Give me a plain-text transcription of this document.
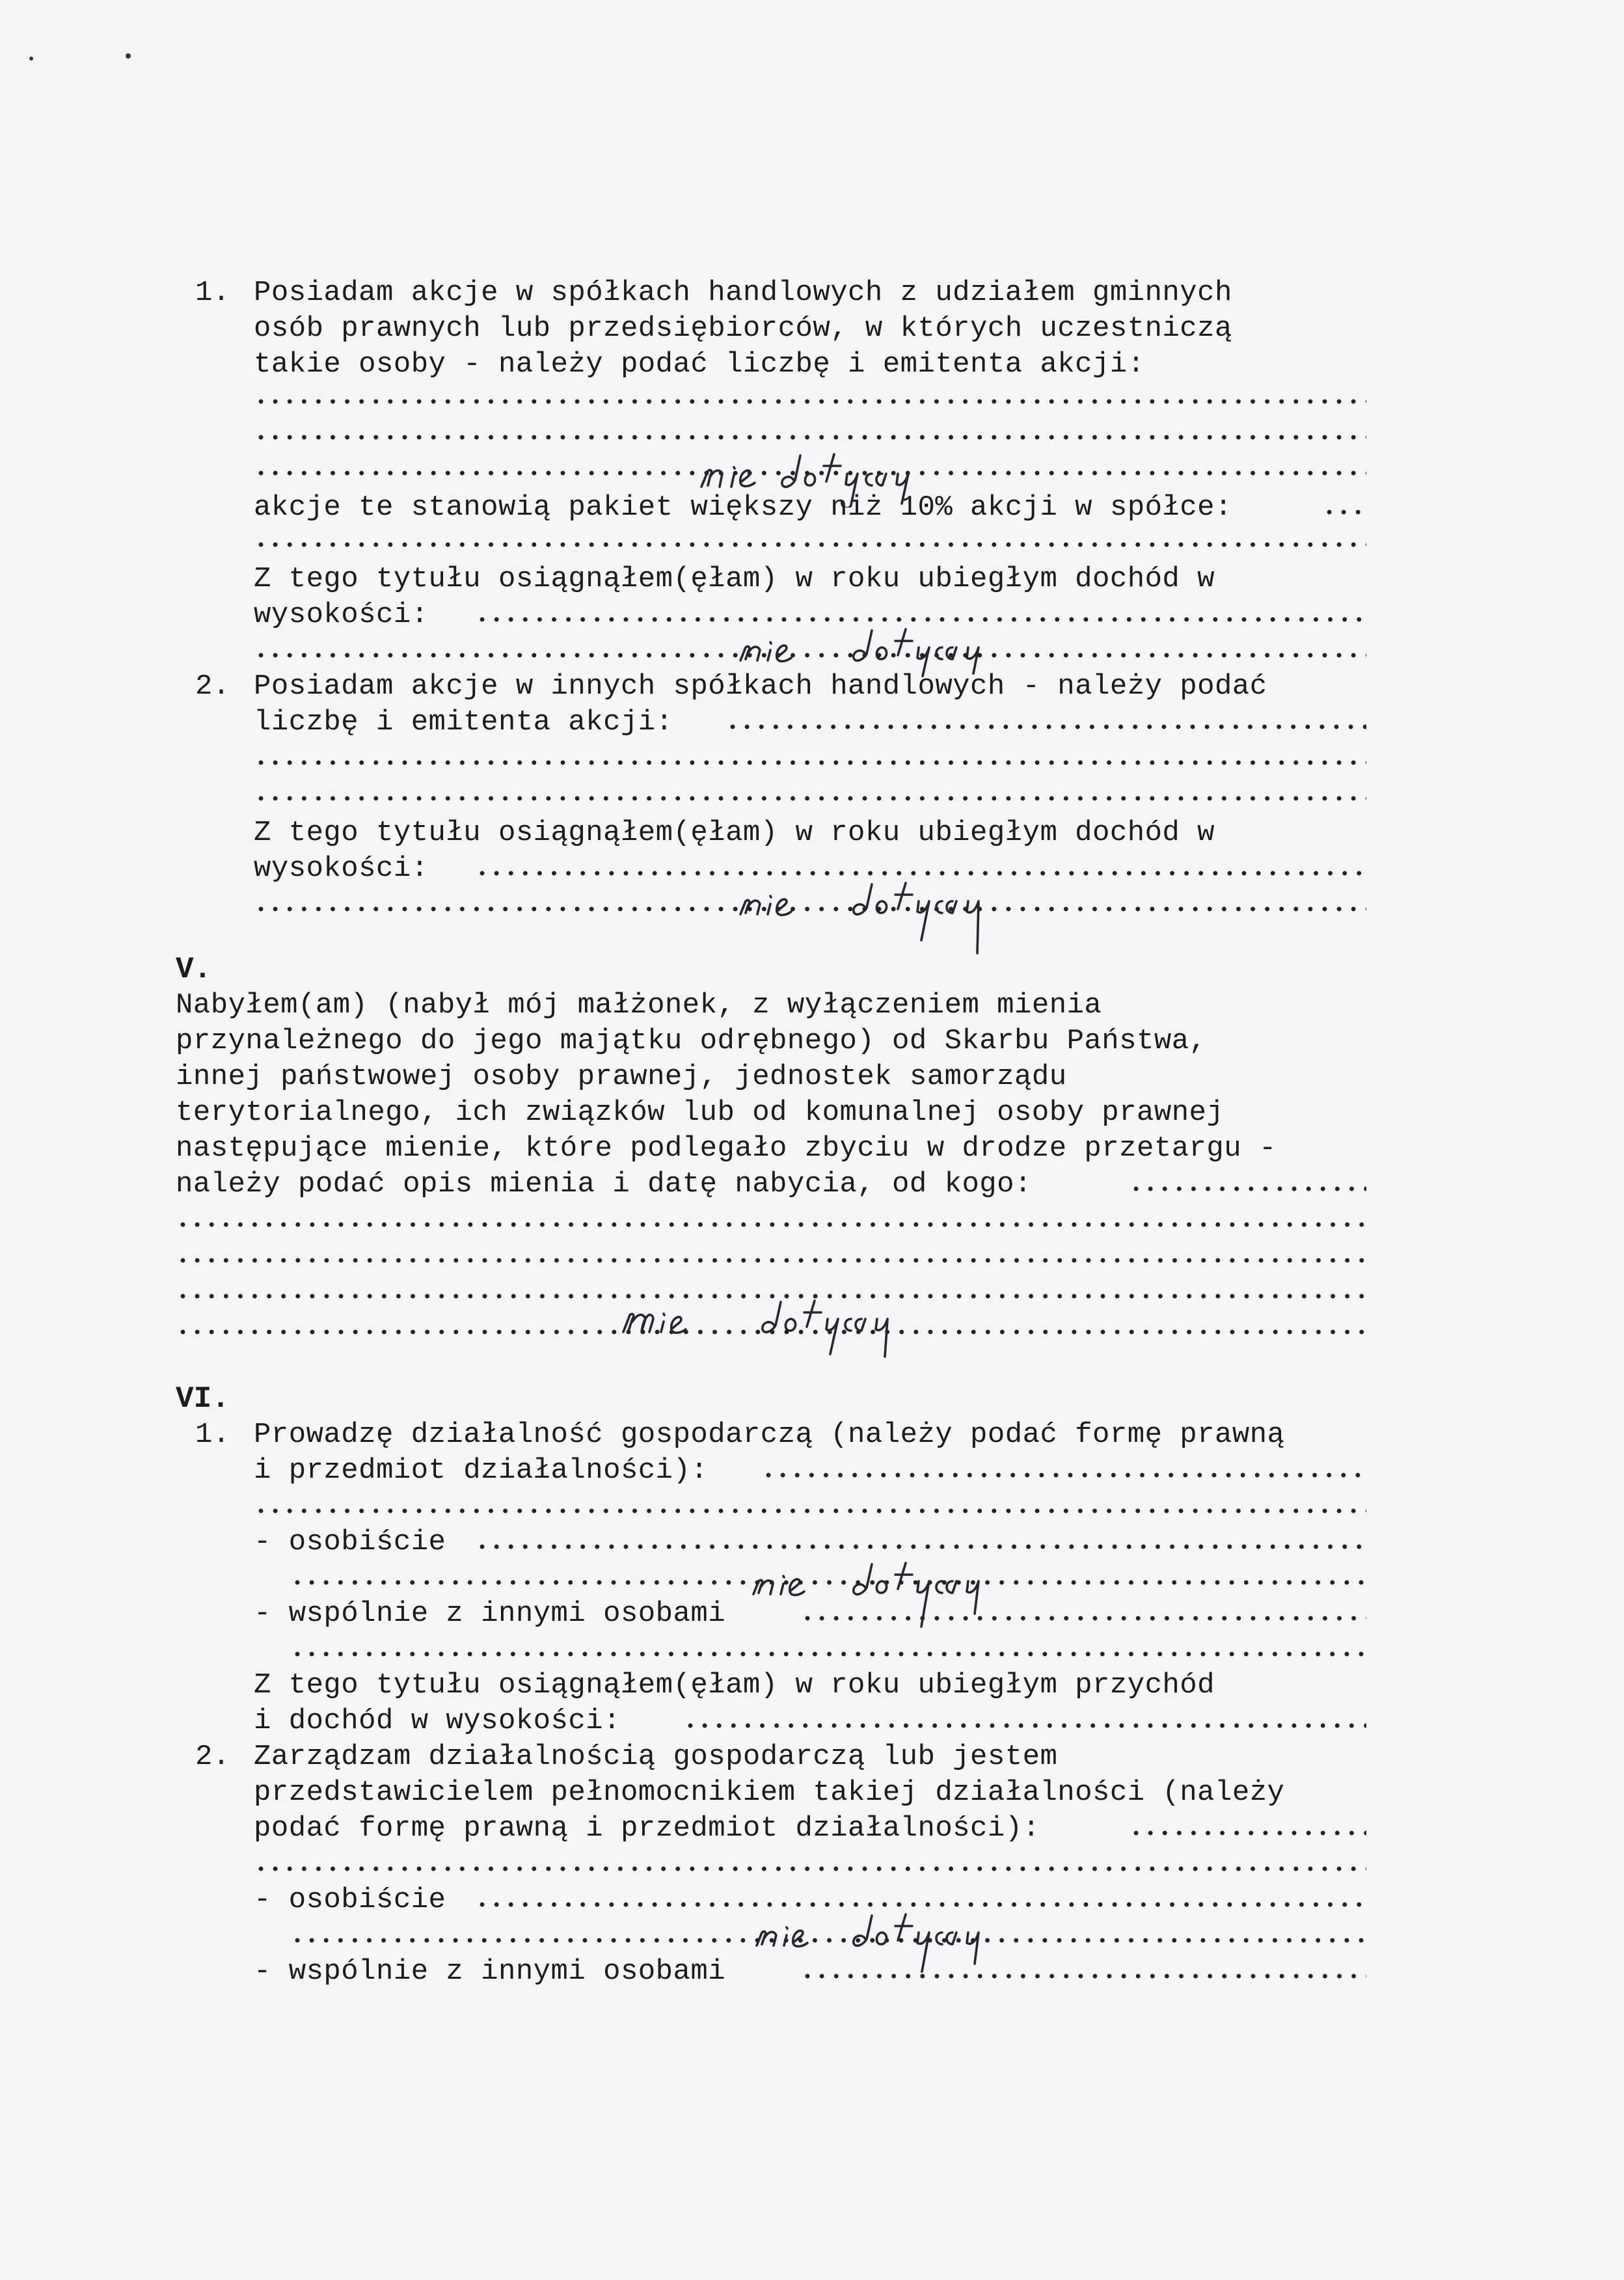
1. Posiadam akcje w spółkach handlowych z udziałem gminnych
osób prawnych lub przedsiębiorców, w których uczestniczą
takie osoby - należy podać liczbę i emitenta akcji:
akcje te stanowią pakiet większy niż 10% akcji w spółce:
Z tego tytułu osiągnąłem(ęłam) w roku ubiegłym dochód w
wysokości:
2. Posiadam akcje w innych spółkach handlowych - należy podać
liczbę i emitenta akcji:
Z tego tytułu osiągnąłem(ęłam) w roku ubiegłym dochód w
wysokości:
V.
Nabyłem(am) (nabył mój małżonek, z wyłączeniem mienia
przynależnego do jego majątku odrębnego) od Skarbu Państwa,
innej państwowej osoby prawnej, jednostek samorządu
terytorialnego, ich związków lub od komunalnej osoby prawnej
następujące mienie, które podlegało zbyciu w drodze przetargu -
należy podać opis mienia i datę nabycia, od kogo:
VI.
1. Prowadzę działalność gospodarczą (należy podać formę prawną
i przedmiot działalności):
- osobiście
- wspólnie z innymi osobami
Z tego tytułu osiągnąłem(ęłam) w roku ubiegłym przychód
i dochód w wysokości:
2. Zarządzam działalnością gospodarczą lub jestem
przedstawicielem pełnomocnikiem takiej działalności (należy
podać formę prawną i przedmiot działalności):
- osobiście
- wspólnie z innymi osobami
